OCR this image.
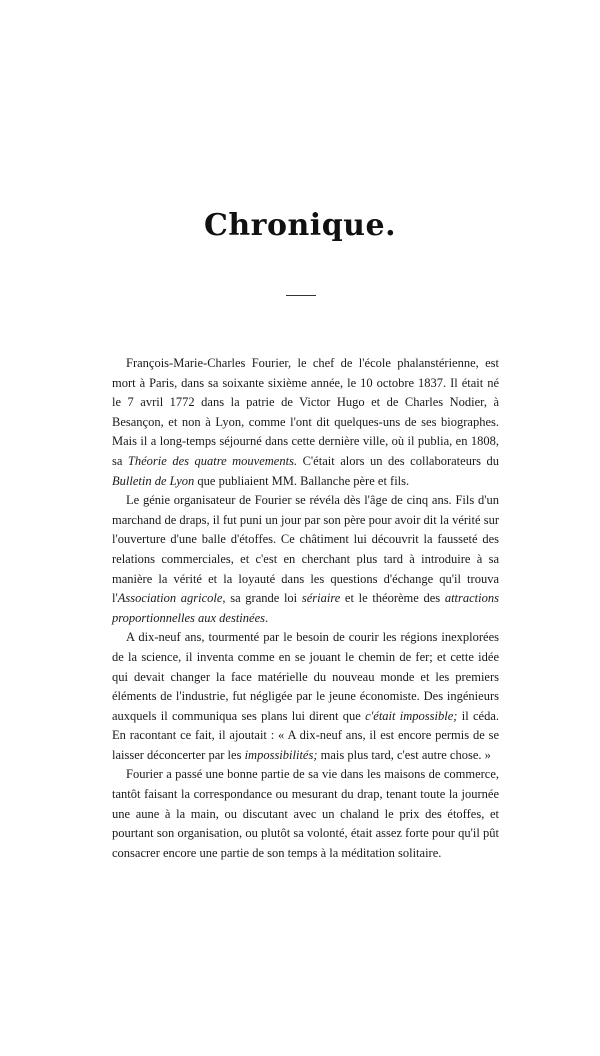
Chronique.

François-Marie-Charles Fourier, le chef de l'école phalanstérienne, est mort à Paris, dans sa soixante sixième année, le 10 octobre 1837. Il était né le 7 avril 1772 dans la patrie de Victor Hugo et de Charles Nodier, à Besançon, et non à Lyon, comme l'ont dit quelques-uns de ses biographes. Mais il a long-temps séjourné dans cette dernière ville, où il publia, en 1808, sa Théorie des quatre mouvements. C'était alors un des collaborateurs du Bulletin de Lyon que publiaient MM. Ballanche père et fils.

Le génie organisateur de Fourier se révéla dès l'âge de cinq ans. Fils d'un marchand de draps, il fut puni un jour par son père pour avoir dit la vérité sur l'ouverture d'une balle d'étoffes. Ce châtiment lui découvrit la fausseté des relations commerciales, et c'est en cherchant plus tard à introduire à sa manière la vérité et la loyauté dans les questions d'échange qu'il trouva l'Association agricole, sa grande loi sériaire et le théorème des attractions proportionnelles aux destinées.

A dix-neuf ans, tourmenté par le besoin de courir les régions inexplorées de la science, il inventa comme en se jouant le chemin de fer; et cette idée qui devait changer la face matérielle du nouveau monde et les premiers éléments de l'industrie, fut négligée par le jeune économiste. Des ingénieurs auxquels il communiqua ses plans lui dirent que c'était impossible; il céda. En racontant ce fait, il ajoutait : « A dix-neuf ans, il est encore permis de se laisser déconcerter par les impossibilités; mais plus tard, c'est autre chose. »

Fourier a passé une bonne partie de sa vie dans les maisons de commerce, tantôt faisant la correspondance ou mesurant du drap, tenant toute la journée une aune à la main, ou discutant avec un chaland le prix des étoffes, et pourtant son organisation, ou plutôt sa volonté, était assez forte pour qu'il pût consacrer encore une partie de son temps à la méditation solitaire.
